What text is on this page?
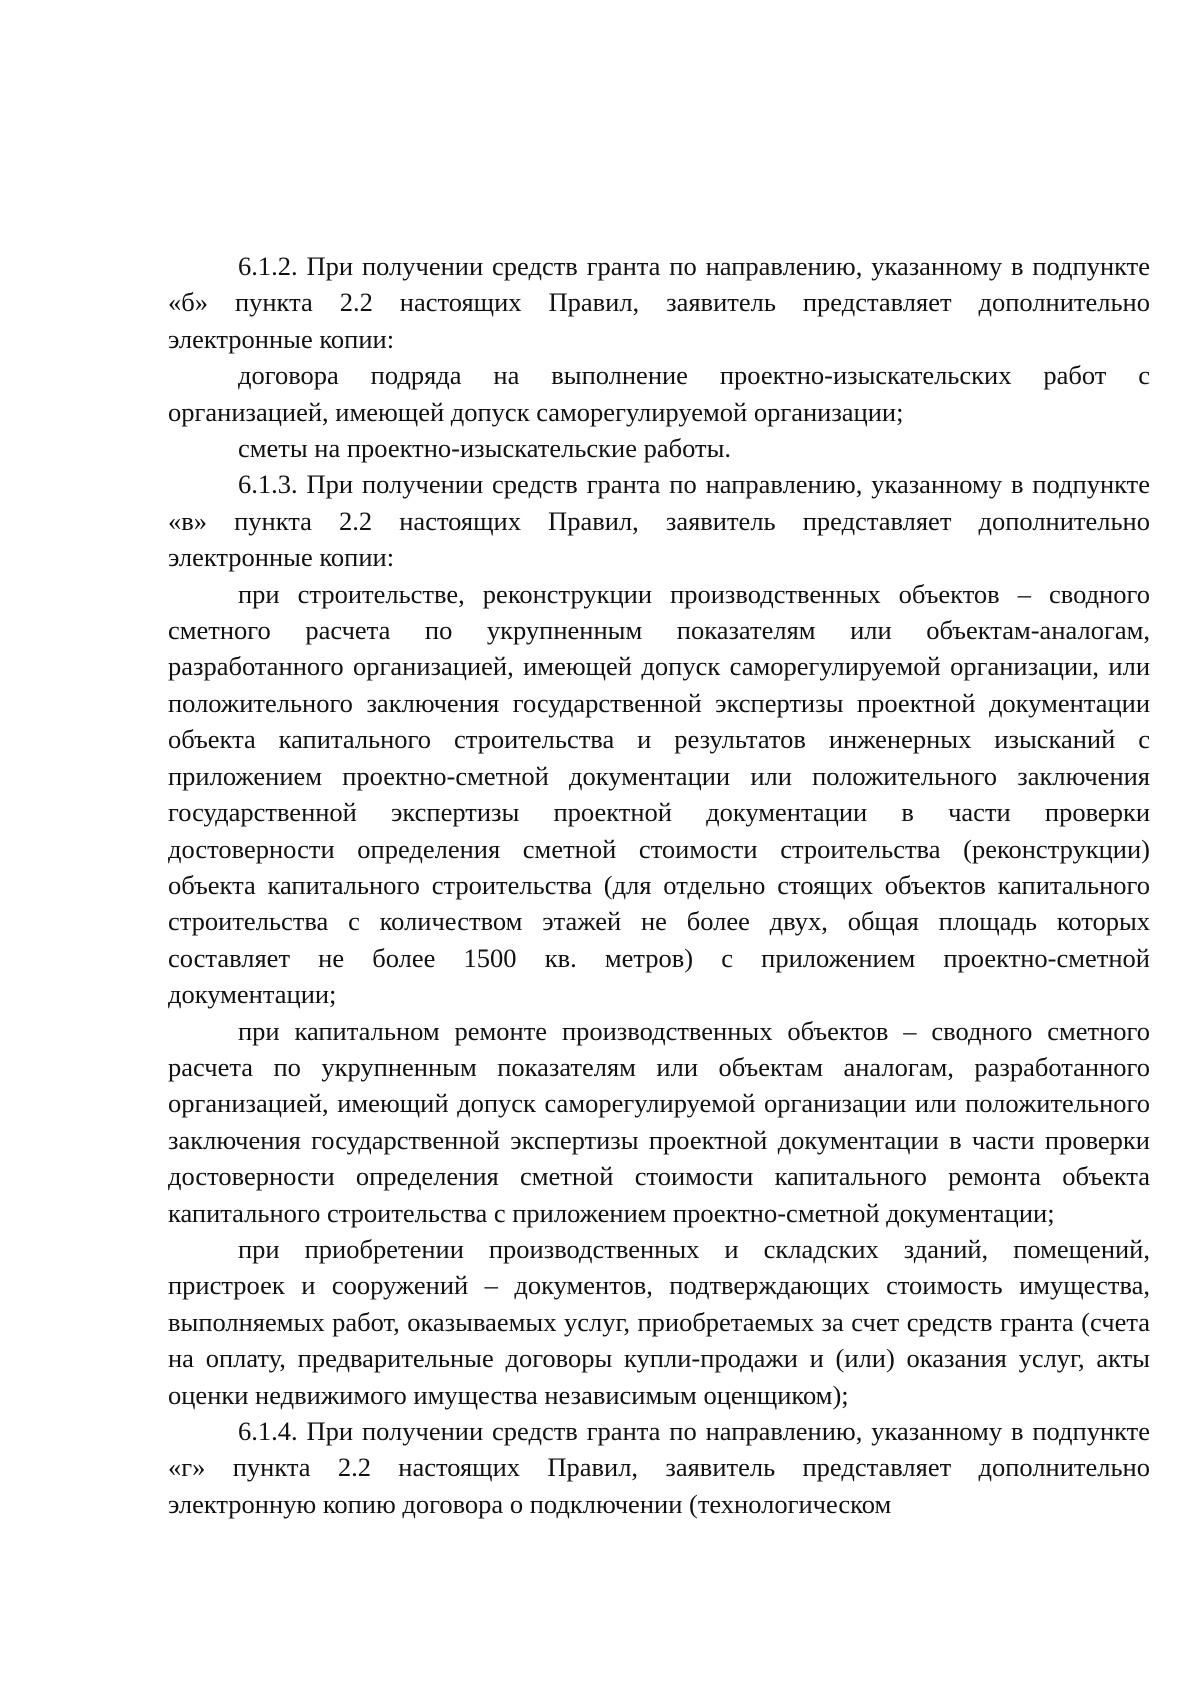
6.1.2. При получении средств гранта по направлению, указанному в подпункте «б» пункта 2.2 настоящих Правил, заявитель представляет дополнительно электронные копии:

договора подряда на выполнение проектно-изыскательских работ с организацией, имеющей допуск саморегулируемой организации;

сметы на проектно-изыскательские работы.

6.1.3. При получении средств гранта по направлению, указанному в подпункте «в» пункта 2.2 настоящих Правил, заявитель представляет дополнительно электронные копии:

при строительстве, реконструкции производственных объектов – сводного сметного расчета по укрупненным показателям или объектам-аналогам, разработанного организацией, имеющей допуск саморегулируемой организации, или положительного заключения государственной экспертизы проектной документации объекта капитального строительства и результатов инженерных изысканий с приложением проектно-сметной документации или положительного заключения государственной экспертизы проектной документации в части проверки достоверности определения сметной стоимости строительства (реконструкции) объекта капитального строительства (для отдельно стоящих объектов капитального строительства с количеством этажей не более двух, общая площадь которых составляет не более 1500 кв. метров) с приложением проектно-сметной документации;

при капитальном ремонте производственных объектов – сводного сметного расчета по укрупненным показателям или объектам аналогам, разработанного организацией, имеющий допуск саморегулируемой организации или положительного заключения государственной экспертизы проектной документации в части проверки достоверности определения сметной стоимости капитального ремонта объекта капитального строительства с приложением проектно-сметной документации;

при приобретении производственных и складских зданий, помещений, пристроек и сооружений – документов, подтверждающих стоимость имущества, выполняемых работ, оказываемых услуг, приобретаемых за счет средств гранта (счета на оплату, предварительные договоры купли-продажи и (или) оказания услуг, акты оценки недвижимого имущества независимым оценщиком);

6.1.4. При получении средств гранта по направлению, указанному в подпункте «г» пункта 2.2 настоящих Правил, заявитель представляет дополнительно электронную копию договора о подключении (технологическом
